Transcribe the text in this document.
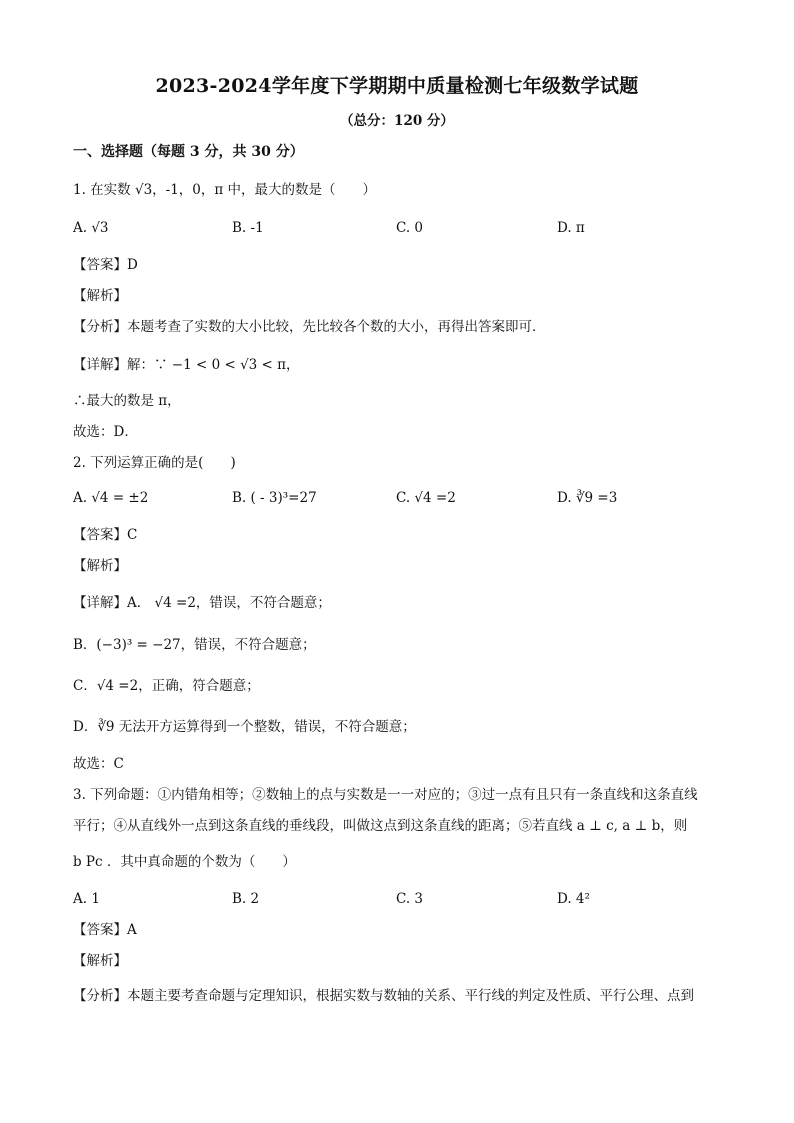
2023-2024学年度下学期期中质量检测七年级数学试题
（总分：120 分）
一、选择题（每题 3 分，共 30 分）
1. 在实数 √3，-1，0，π 中，最大的数是（　　）
A. √3	B. -1	C. 0	D. π
【答案】D
【解析】
【分析】本题考查了实数的大小比较，先比较各个数的大小，再得出答案即可．
【详解】解：∵ −1 < 0 < √3 < π，
∴最大的数是 π，
故选：D．
2. 下列运算正确的是(　　)
A. √4 = ±2	B. ( - 3)³=27	C. √4 =2	D. ∛9 =3
【答案】C
【解析】
【详解】A． √4 =2，错误，不符合题意；
B．(−3)³ = −27，错误，不符合题意；
C．√4 =2，正确，符合题意；
D．∛9 无法开方运算得到一个整数，错误，不符合题意；
故选：C
3. 下列命题：①内错角相等；②数轴上的点与实数是一一对应的；③过一点有且只有一条直线和这条直线
平行；④从直线外一点到这条直线的垂线段，叫做这点到这条直线的距离；⑤若直线 a ⊥ c, a ⊥ b，则
b Pc ．其中真命题的个数为（　　）
A. 1	B. 2	C. 3	D. 4²
【答案】A
【解析】
【分析】本题主要考查命题与定理知识，根据实数与数轴的关系、平行线的判定及性质、平行公理、点到
